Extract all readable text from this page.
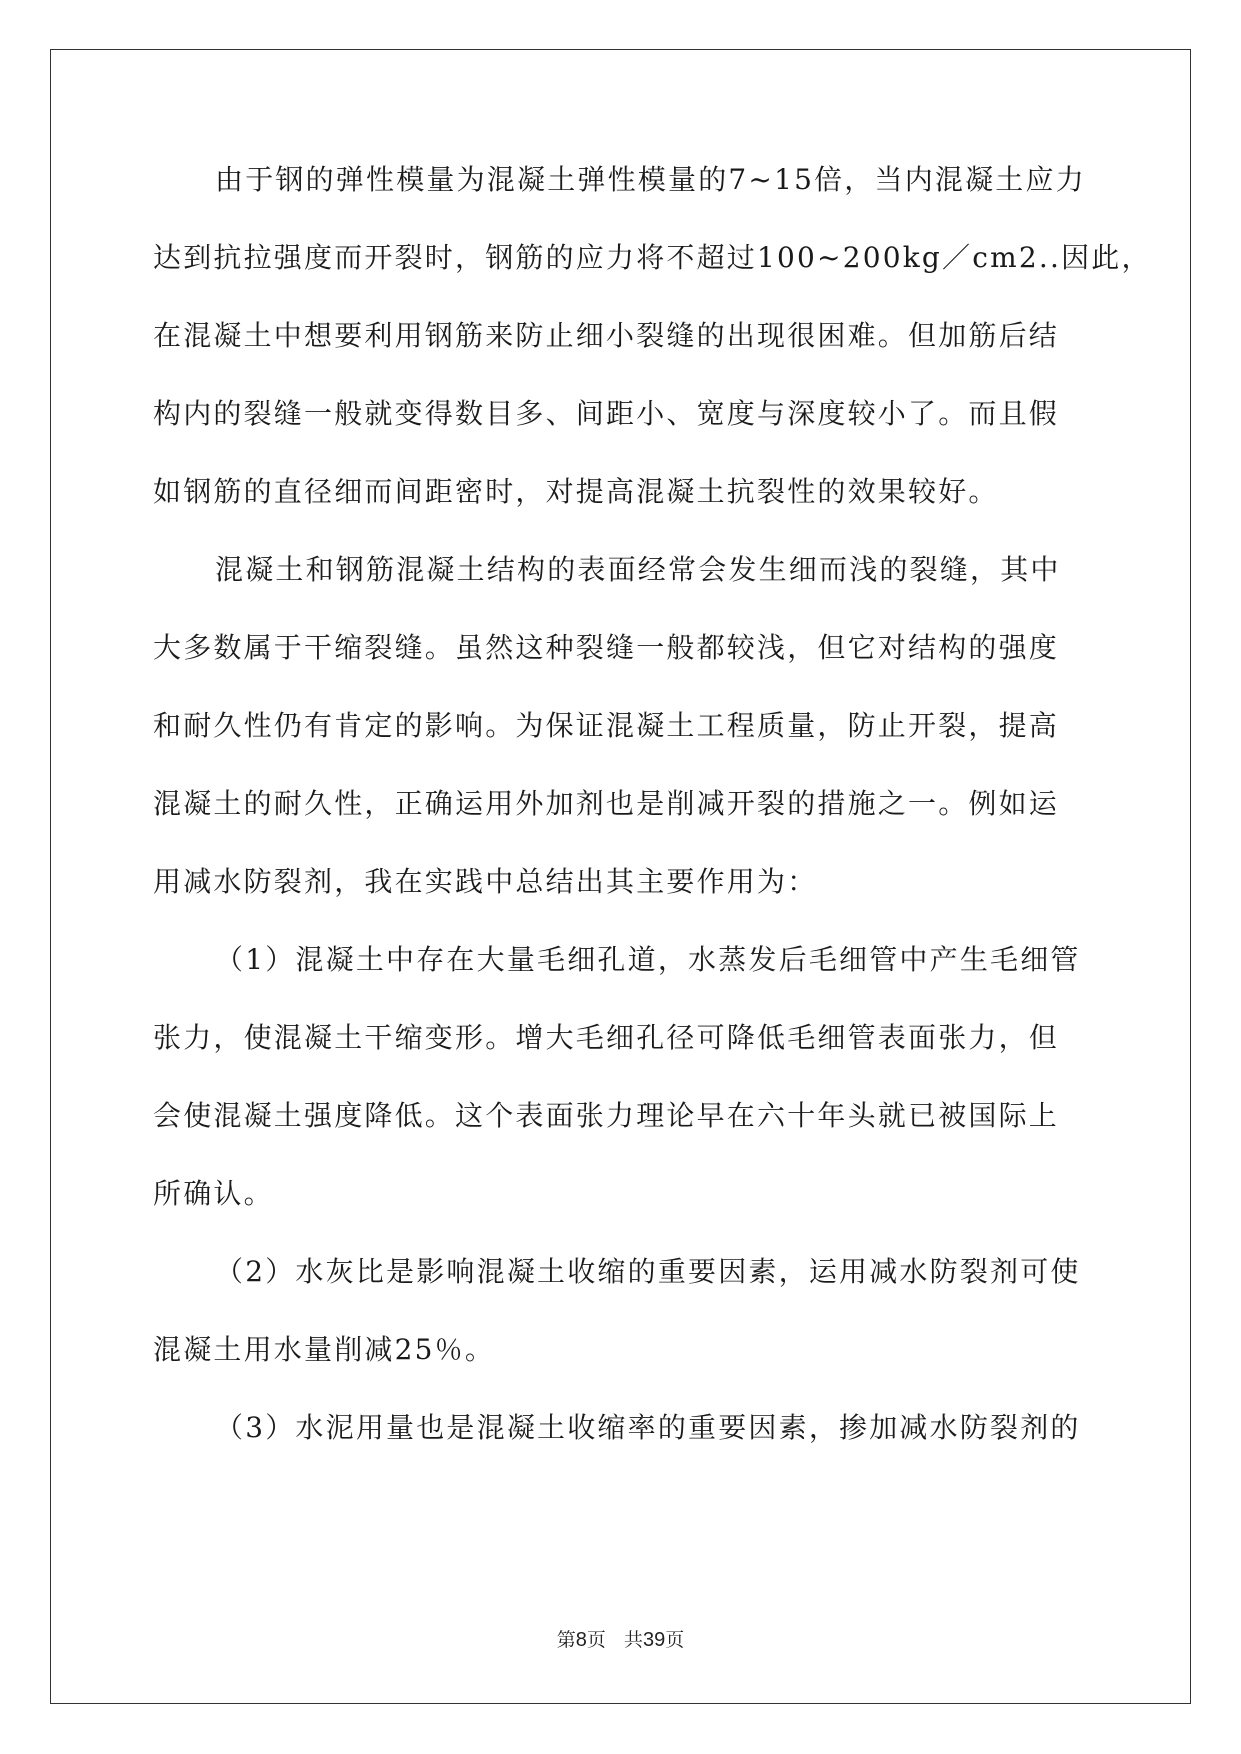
由于钢的弹性模量为混凝土弹性模量的7~15倍，当内混凝土应力
达到抗拉强度而开裂时，钢筋的应力将不超过100~200kg／cm2..因此，
在混凝土中想要利用钢筋来防止细小裂缝的出现很困难。但加筋后结
构内的裂缝一般就变得数目多、间距小、宽度与深度较小了。而且假
如钢筋的直径细而间距密时，对提高混凝土抗裂性的效果较好。
混凝土和钢筋混凝土结构的表面经常会发生细而浅的裂缝，其中
大多数属于干缩裂缝。虽然这种裂缝一般都较浅，但它对结构的强度
和耐久性仍有肯定的影响。为保证混凝土工程质量，防止开裂，提高
混凝土的耐久性，正确运用外加剂也是削减开裂的措施之一。例如运
用减水防裂剂，我在实践中总结出其主要作用为：
（1）混凝土中存在大量毛细孔道，水蒸发后毛细管中产生毛细管
张力，使混凝土干缩变形。增大毛细孔径可降低毛细管表面张力，但
会使混凝土强度降低。这个表面张力理论早在六十年头就已被国际上
所确认。
（2）水灰比是影响混凝土收缩的重要因素，运用减水防裂剂可使
混凝土用水量削减25％。
（3）水泥用量也是混凝土收缩率的重要因素，掺加减水防裂剂的
第8页 共39页
